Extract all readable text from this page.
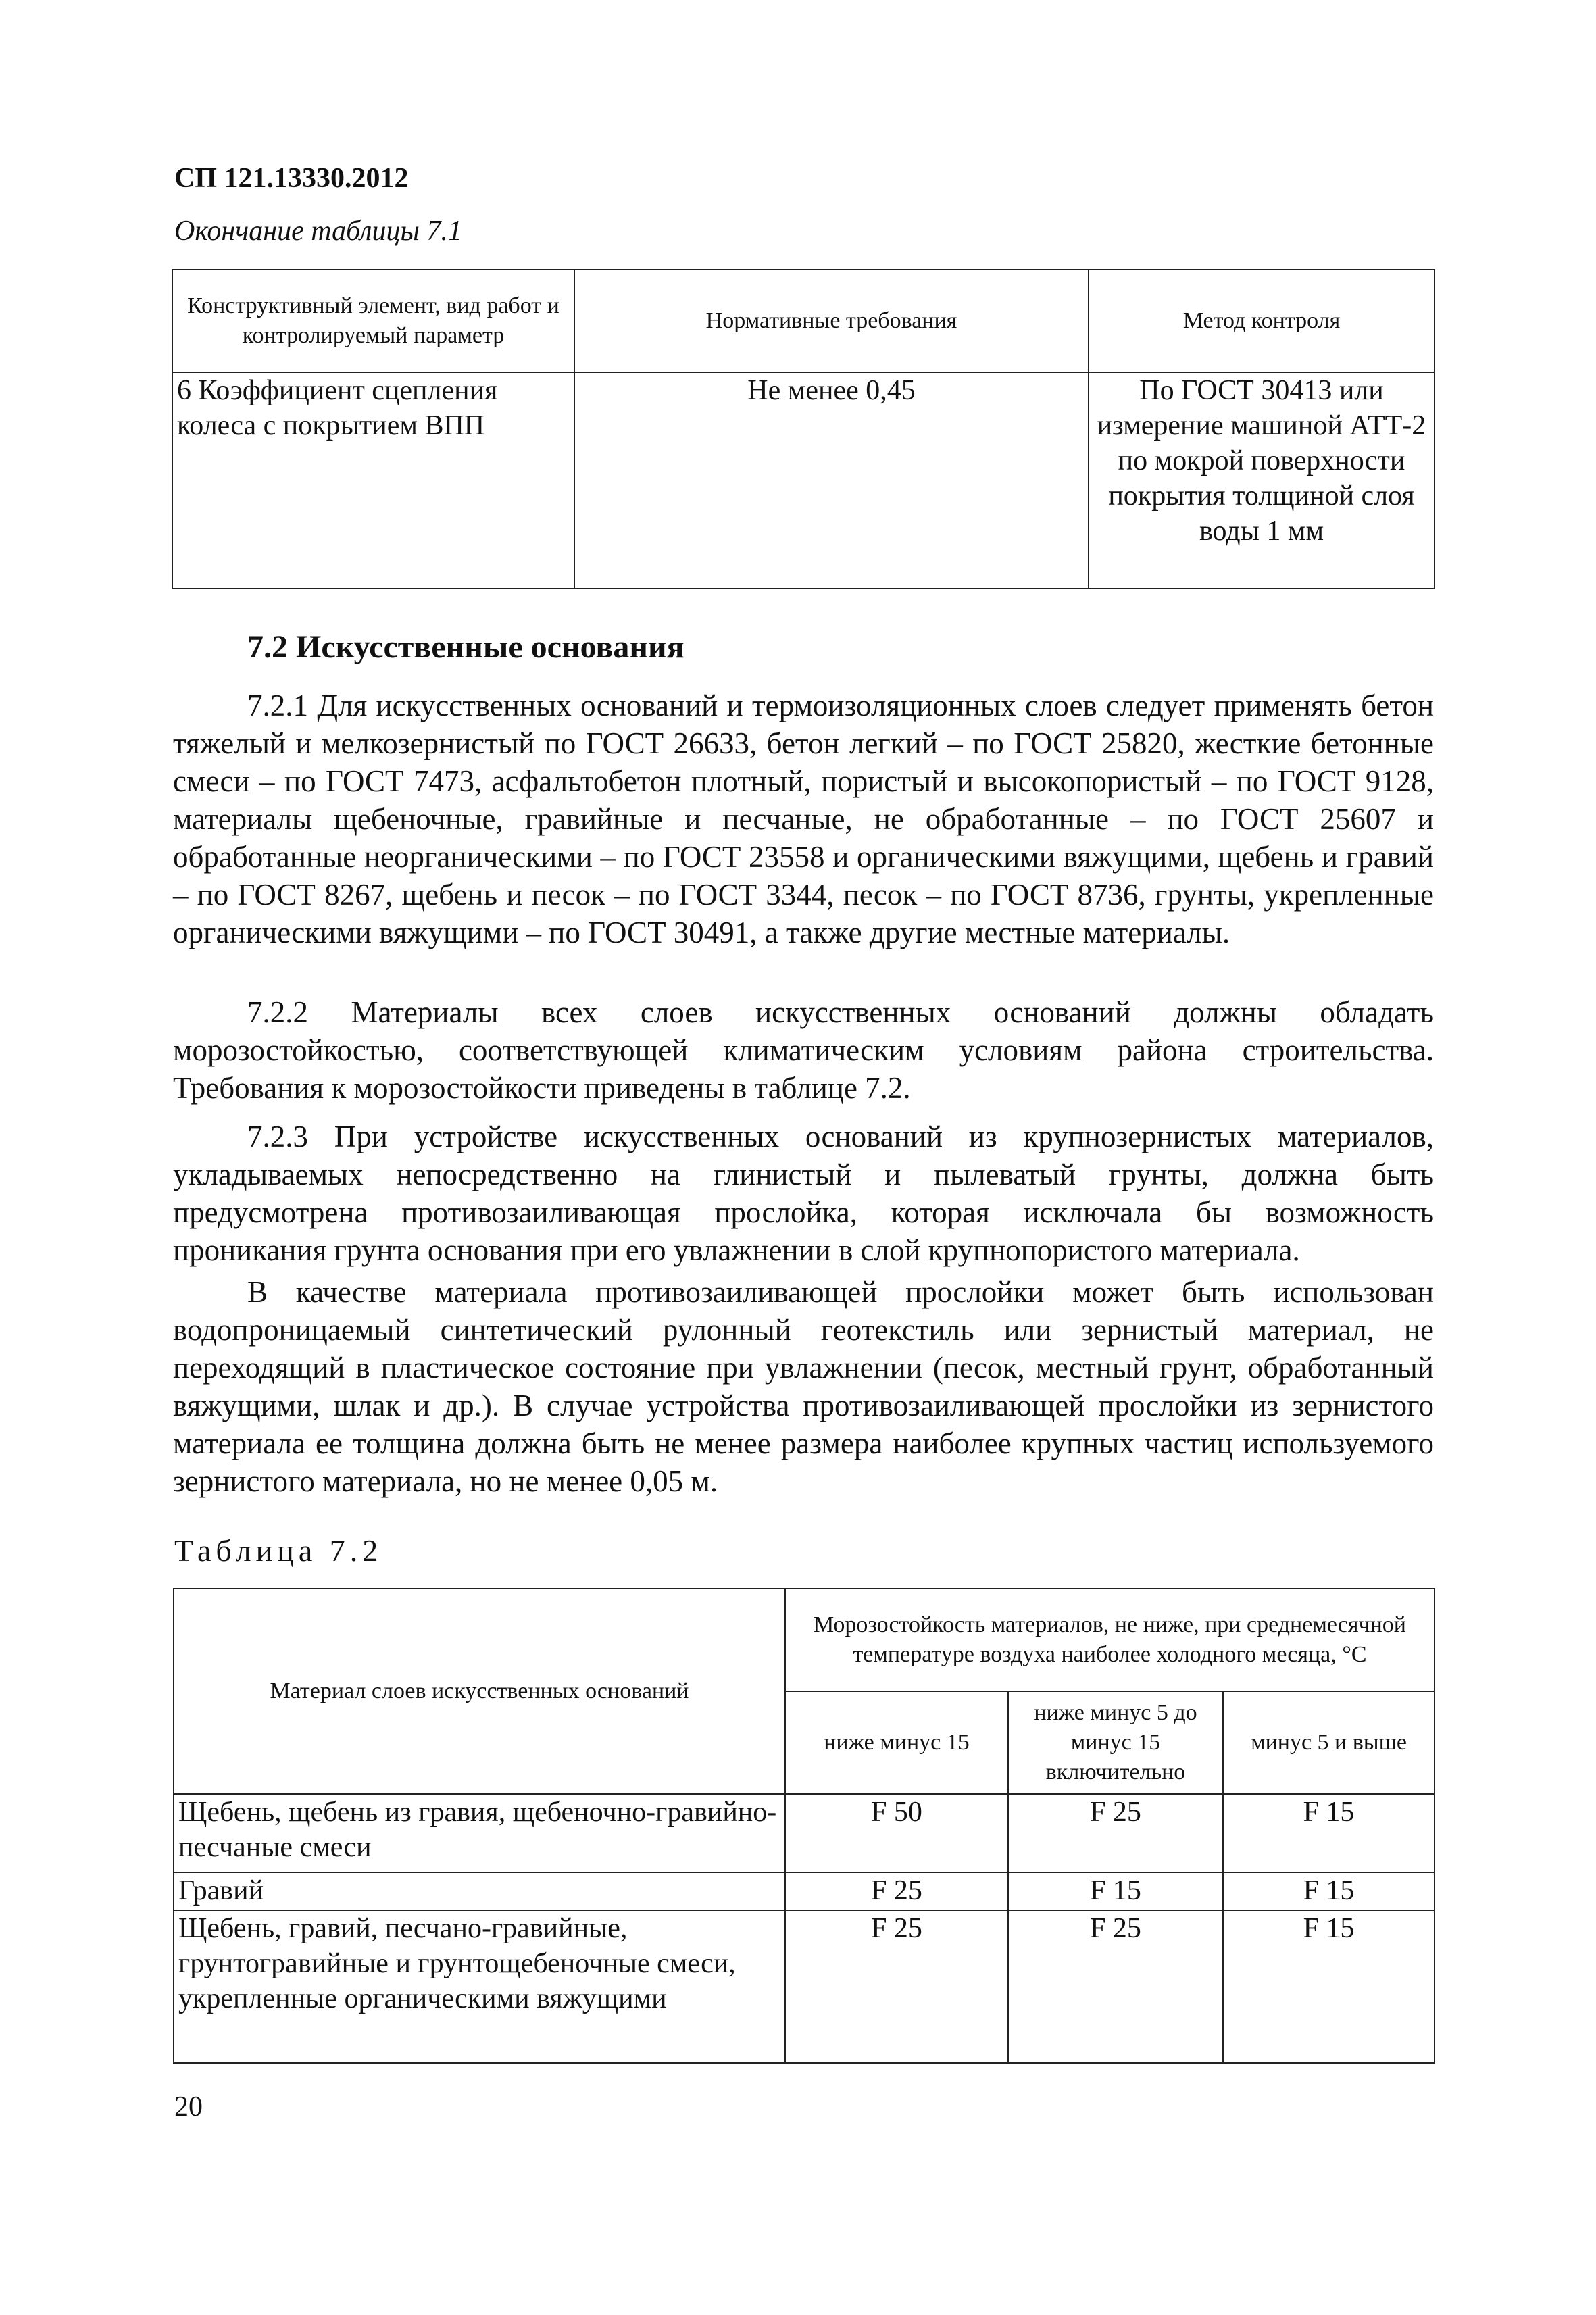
СП 121.13330.2012
Окончание таблицы 7.1
Конструктивный элемент, вид работ и контролируемый параметр	Нормативные требования	Метод контроля
6 Коэффициент сцепления колеса с покрытием ВПП	Не менее 0,45	По ГОСТ 30413 или измерение машиной АТТ-2 по мокрой поверхности покрытия толщиной слоя воды 1 мм
7.2 Искусственные основания

7.2.1 Для искусственных оснований и термоизоляционных слоев следует применять бетон тяжелый и мелкозернистый по ГОСТ 26633, бетон легкий – по ГОСТ 25820, жесткие бетонные смеси – по ГОСТ 7473, асфальтобетон плотный, пористый и высокопористый – по ГОСТ 9128, материалы щебеночные, гравийные и песчаные, не обработанные – по ГОСТ 25607 и обработанные неорганическими – по ГОСТ 23558 и органическими вяжущими, щебень и гравий – по ГОСТ 8267, щебень и песок – по ГОСТ 3344, песок – по ГОСТ 8736, грунты, укрепленные органическими вяжущими – по ГОСТ 30491, а также другие местные материалы.

7.2.2 Материалы всех слоев искусственных оснований должны обладать морозостойкостью, соответствующей климатическим условиям района строительства. Требования к морозостойкости приведены в таблице 7.2.

7.2.3 При устройстве искусственных оснований из крупнозернистых материалов, укладываемых непосредственно на глинистый и пылеватый грунты, должна быть предусмотрена противозаиливающая прослойка, которая исключала бы возможность проникания грунта основания при его увлажнении в слой крупнопористого материала.

В качестве материала противозаиливающей прослойки может быть использован водопроницаемый синтетический рулонный геотекстиль или зернистый материал, не переходящий в пластическое состояние при увлажнении (песок, местный грунт, обработанный вяжущими, шлак и др.). В случае устройства противозаиливающей прослойки из зернистого материала ее толщина должна быть не менее размера наиболее крупных частиц используемого зернистого материала, но не менее 0,05 м.

Таблица 7.2
Материал слоев искусственных оснований	Морозостойкость материалов, не ниже, при среднемесячной температуре воздуха наиболее холодного месяца, °С		
	ниже минус 15	ниже минус 5 до минус 15 включительно	минус 5 и выше
Щебень, щебень из гравия, щебеночно-гравийно-песчаные смеси	F 50	F 25	F 15
Гравий	F 25	F 15	F 15
Щебень, гравий, песчано-гравийные, грунтогравийные и грунтощебеночные смеси, укрепленные органическими вяжущими	F 25	F 25	F 15
20
